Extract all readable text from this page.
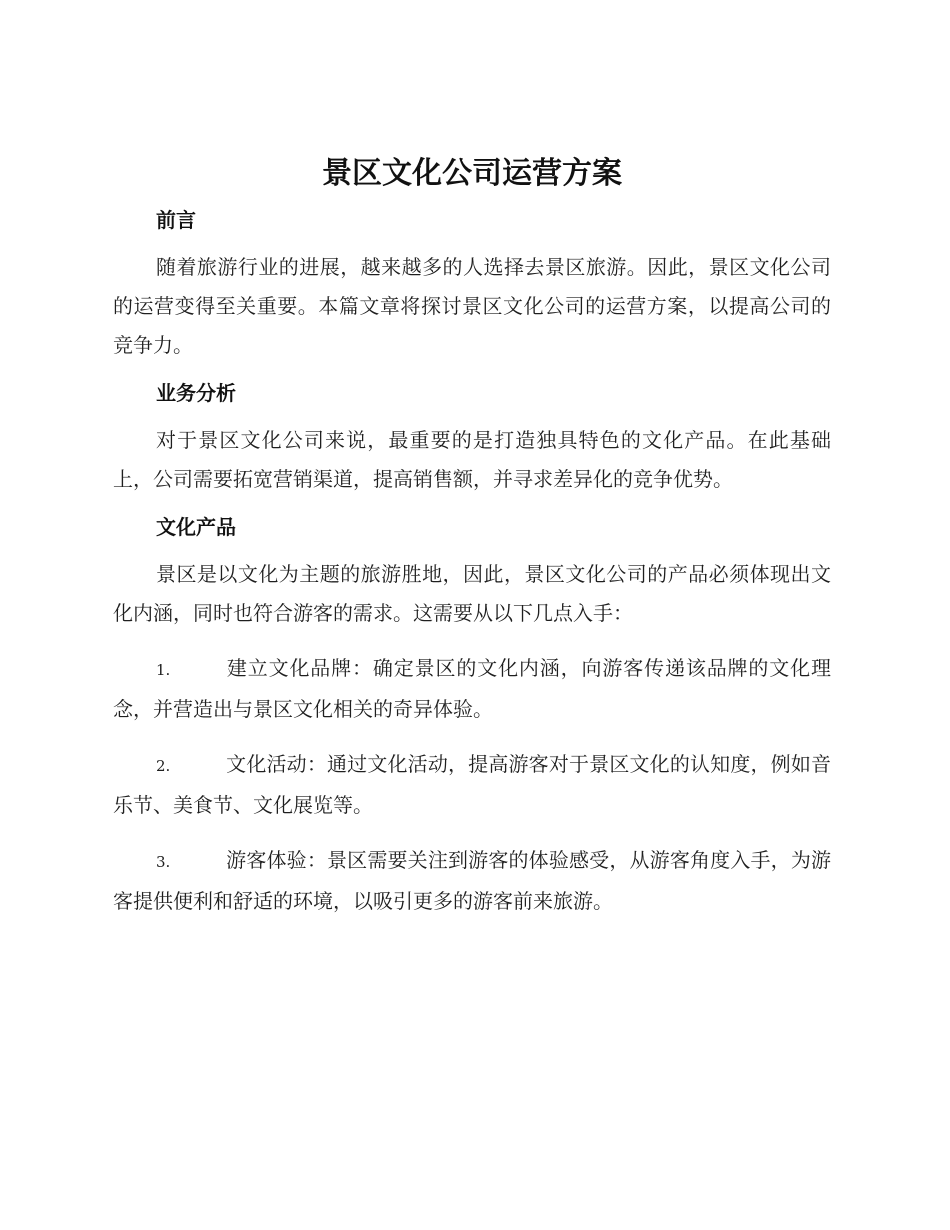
景区文化公司运营方案
前言

随着旅游行业的进展，越来越多的人选择去景区旅游。因此，景区文化公司的运营变得至关重要。本篇文章将探讨景区文化公司的运营方案，以提高公司的竞争力。

业务分析

对于景区文化公司来说，最重要的是打造独具特色的文化产品。在此基础上，公司需要拓宽营销渠道，提高销售额，并寻求差异化的竞争优势。

文化产品

景区是以文化为主题的旅游胜地，因此，景区文化公司的产品必须体现出文化内涵，同时也符合游客的需求。这需要从以下几点入手：

1.	建立文化品牌：确定景区的文化内涵，向游客传递该品牌的文化理念，并营造出与景区文化相关的奇异体验。

2.	文化活动：通过文化活动，提高游客对于景区文化的认知度，例如音乐节、美食节、文化展览等。

3.	游客体验：景区需要关注到游客的体验感受，从游客角度入手，为游客提供便利和舒适的环境，以吸引更多的游客前来旅游。
